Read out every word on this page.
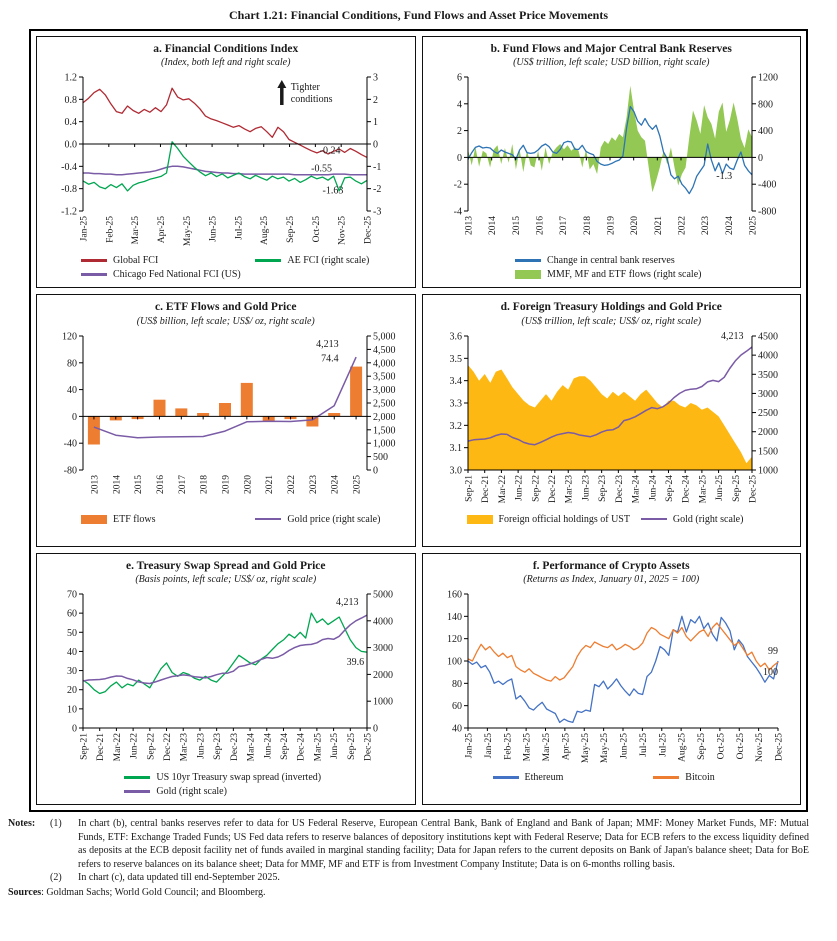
Chart 1.21: Financial Conditions, Fund Flows and Asset Price Movements
a. Financial Conditions Index
(Index, both left and right scale)
1.2
0.8
0.4
0.0
-0.4
-0.8
-1.2
3
2
1
0
-1
-2
-3
Jan-25 Feb-25 Mar-25 Apr-25 May-25 Jun-25 Jul-25 Aug-25 Sep-25 Oct-25 Nov-25 Dec-25
-0.24
-0.55
-1.63
Tighter
conditions
Global FCI	AE FCI (right scale)
Chicago Fed National FCI (US)
b. Fund Flows and Major Central Bank Reserves
(US$ trillion, left scale; USD billion, right scale)
6
4
2
0
-2
-4
1200
800
400
0
-400
-800
2013 2014 2015 2016 2017 2018 2019 2020 2021 2022 2023 2024 2025
-1.3
Change in central bank reserves
MMF, MF and ETF flows (right scale)
c. ETF Flows and Gold Price
(US$ billion, left scale; US$/ oz, right scale)
120
80
40
0
-40
-80
5,000
4,500
4,000
3,500
3,000
2,500
2,000
1,500
1,000
500
0
2013 2014 2015 2016 2017 2018 2019 2020 2021 2022 2023 2024 2025
4,213
74.4
ETF flows	Gold price (right scale)
d. Foreign Treasury Holdings and Gold Price
(US$ trillion, left scale; US$/ oz, right scale)
3.6
3.5
3.4
3.3
3.2
3.1
3.0
4500
4000
3500
3000
2500
2000
1500
1000
Sep-21 Dec-21 Mar-22 Jun-22 Sep-22 Dec-22 Mar-23 Jun-23 Sep-23 Dec-23 Mar-24 Jun-24 Sep-24 Dec-24 Mar-25 Jun-25 Sep-25 Dec-25
4,213
Foreign official holdings of UST	Gold (right scale)
e. Treasury Swap Spread and Gold Price
(Basis points, left scale; US$/ oz, right scale)
70
60
50
40
30
20
10
0
5000
4000
3000
2000
1000
0
Sep-21 Dec-21 Mar-22 Jun-22 Sep-22 Dec-22 Mar-23 Jun-23 Sep-23 Dec-23 Mar-24 Jun-24 Sep-24 Dec-24 Mar-25 Jun-25 Sep-25 Dec-25
4,213
39.6
US 10yr Treasury swap spread (inverted)
Gold (right scale)
f. Performance of Crypto Assets
(Returns as Index, January 01, 2025 = 100)
160
140
120
100
80
60
40
Jan-25 Jan-25 Feb-25 Mar-25 Mar-25 Apr-25 May-25 May-25 Jun-25 Jul-25 Jul-25 Aug-25 Sep-25 Oct-25 Oct-25 Nov-25 Dec-25
99
100
Ethereum	Bitcoin
Notes:	(1)	In chart (b), central banks reserves refer to data for US Federal Reserve, European Central Bank, Bank of England and Bank of Japan; MMF: Money Market Funds, MF: Mutual Funds, ETF: Exchange Traded Funds; US Fed data refers to reserve balances of depository institutions kept with Federal Reserve; Data for ECB refers to the excess liquidity defined as deposits at the ECB deposit facility net of funds availed in marginal standing facility; Data for Japan refers to the current deposits on Bank of Japan's balance sheet; Data for BoE refers to reserve balances on its balance sheet; Data for MMF, MF and ETF is from Investment Company Institute; Data is on 6-months rolling basis.
(2)	In chart (c), data updated till end-September 2025.
Sources: Goldman Sachs; World Gold Council; and Bloomberg.
